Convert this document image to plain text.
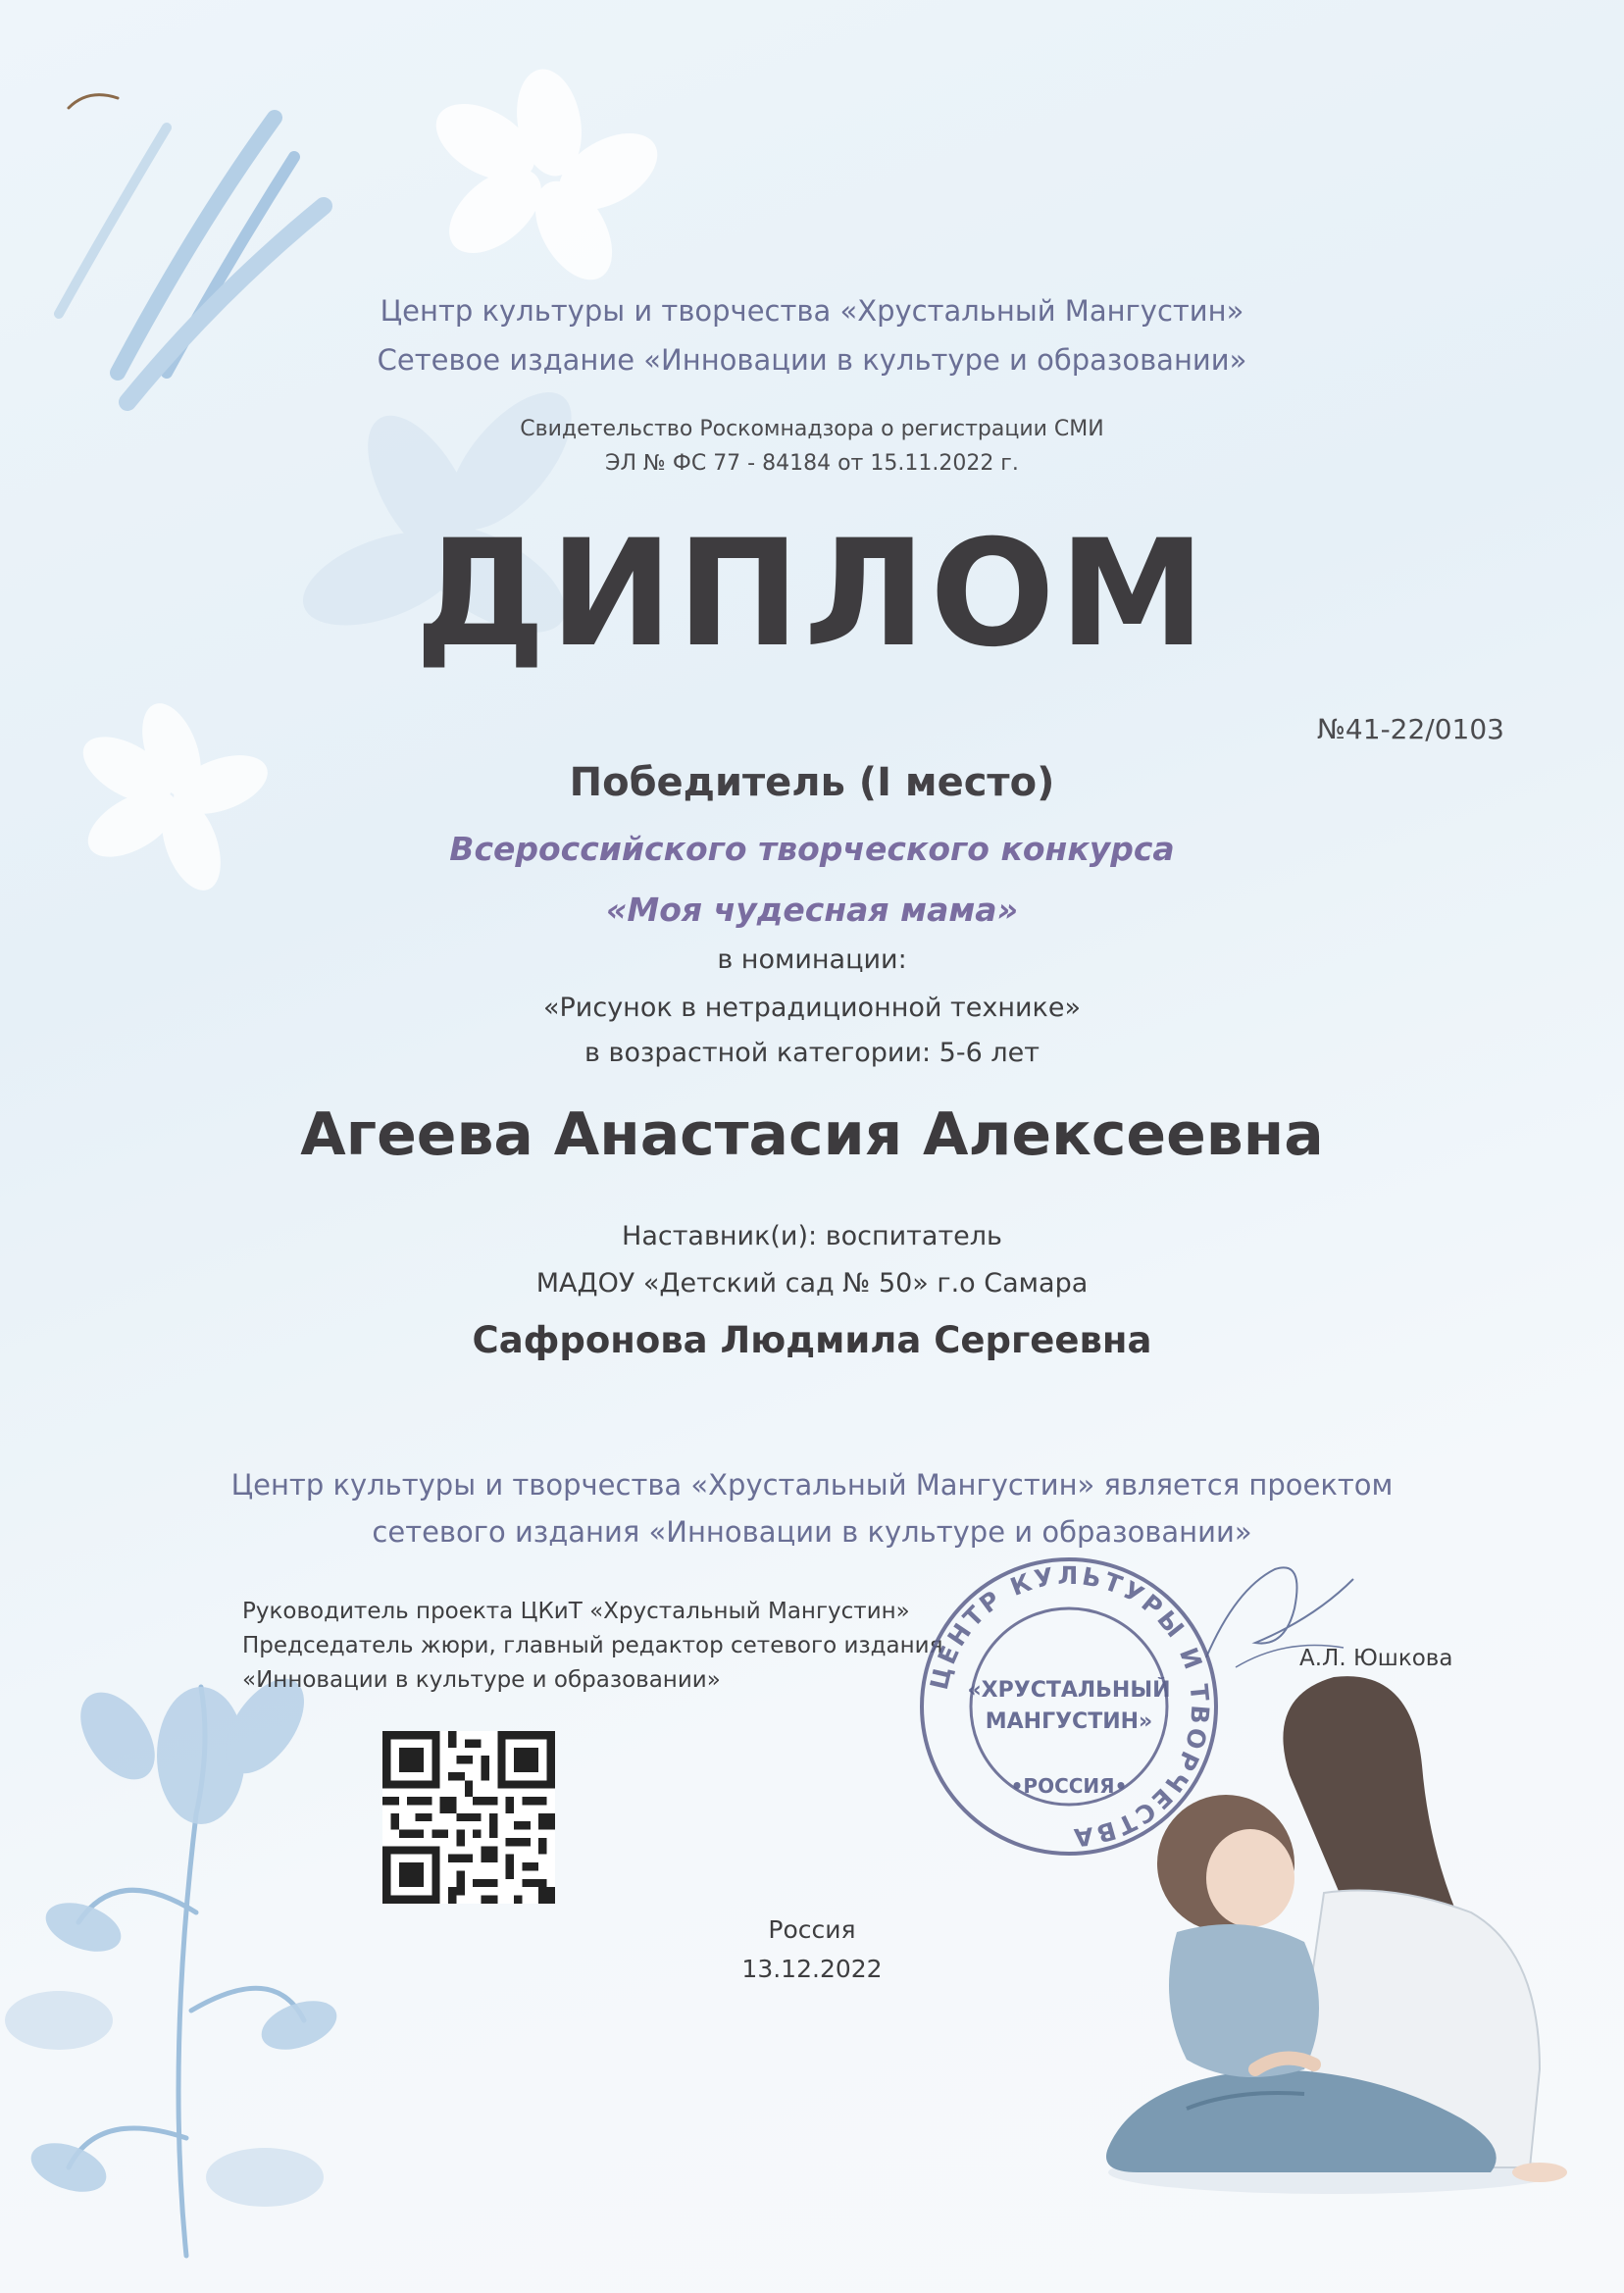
Центр культуры и творчества «Хрустальный Мангустин»

Сетевое издание «Инновации в культуре и образовании»

Свидетельство Роскомнадзора о регистрации СМИ

ЭЛ № ФС 77 - 84184 от 15.11.2022 г.

ДИПЛОМ

№41-22/0103

Победитель (I место)

Всероссийского творческого конкурса

«Моя чудесная мама»

в номинации:

«Рисунок в нетрадиционной технике»

в возрастной категории: 5-6 лет

Агеева Анастасия Алексеевна

Наставник(и): воспитатель

МАДОУ «Детский сад № 50» г.о Самара

Сафронова Людмила Сергеевна

Центр культуры и творчества «Хрустальный Мангустин» является проектом

сетевого издания «Инновации в культуре и образовании»

Руководитель проекта ЦКиТ «Хрустальный Мангустин»

Председатель жюри, главный редактор сетевого издания

«Инновации в культуре и образовании»

А.Л. Юшкова

ЦЕНТР КУЛЬТУРЫ И ТВОРЧЕСТВА
«ХРУСТАЛЬНЫЙ
МАНГУСТИН»
•РОССИЯ•

Россия

13.12.2022
